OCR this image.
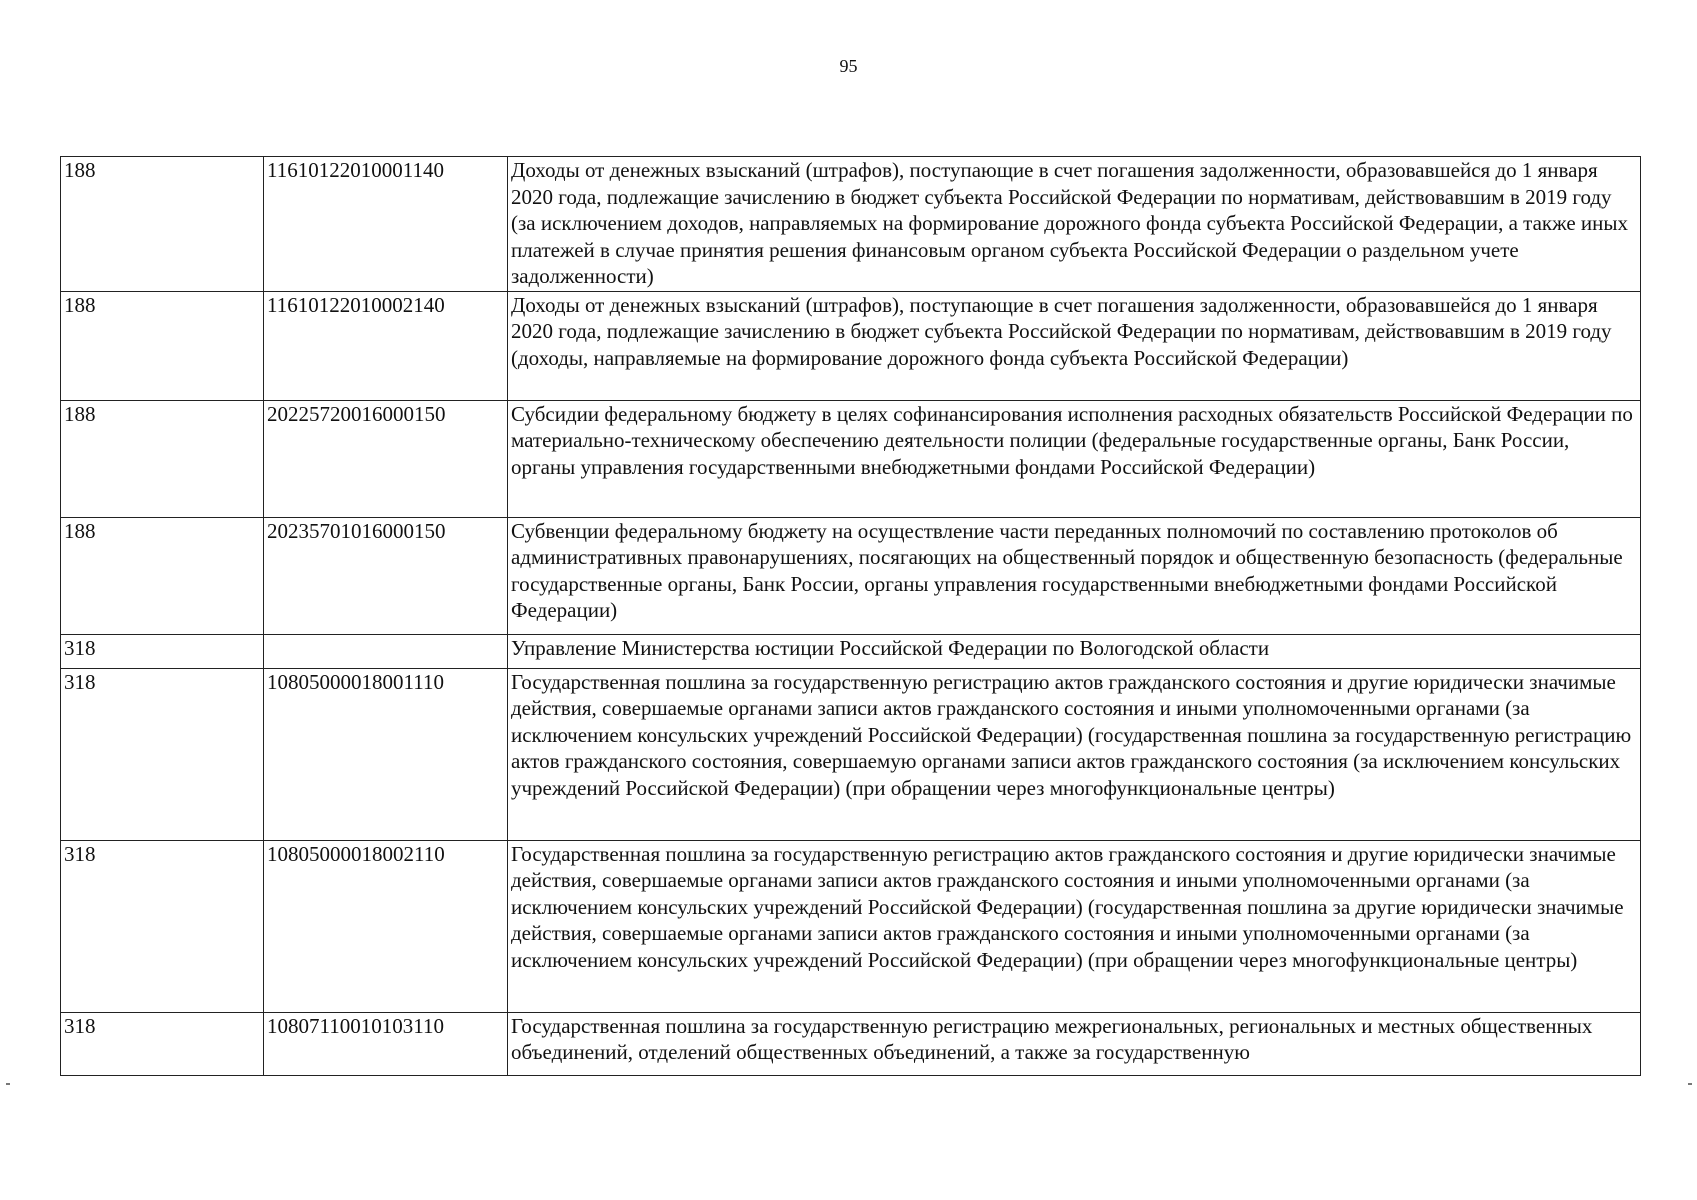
95
188	11610122010001140	Доходы от денежных взысканий (штрафов), поступающие в счет погашения задолженности, образовавшейся до 1 января 2020 года, подлежащие зачислению в бюджет субъекта Российской Федерации по нормативам, действовавшим в 2019 году (за исключением доходов, направляемых на формирование дорожного фонда субъекта Российской Федерации, а также иных платежей в случае принятия решения финансовым органом субъекта Российской Федерации о раздельном учете задолженности)
188	11610122010002140	Доходы от денежных взысканий (штрафов), поступающие в счет погашения задолженности, образовавшейся до 1 января 2020 года, подлежащие зачислению в бюджет субъекта Российской Федерации по нормативам, действовавшим в 2019 году (доходы, направляемые на формирование дорожного фонда субъекта Российской Федерации)
188	20225720016000150	Субсидии федеральному бюджету в целях софинансирования исполнения расходных обязательств Российской Федерации по материально-техническому обеспечению деятельности полиции (федеральные государственные органы, Банк России, органы управления государственными внебюджетными фондами Российской Федерации)
188	20235701016000150	Субвенции федеральному бюджету на осуществление части переданных полномочий по составлению протоколов об административных правонарушениях, посягающих на общественный порядок и общественную безопасность (федеральные государственные органы, Банк России, органы управления государственными внебюджетными фондами Российской Федерации)
318		Управление Министерства юстиции Российской Федерации по Вологодской области
318	10805000018001110	Государственная пошлина за государственную регистрацию актов гражданского состояния и другие юридически значимые действия, совершаемые органами записи актов гражданского состояния и иными уполномоченными органами (за исключением консульских учреждений Российской Федерации) (государственная пошлина за государственную регистрацию актов гражданского состояния, совершаемую органами записи актов гражданского состояния (за исключением консульских учреждений Российской Федерации) (при обращении через многофункциональные центры)
318	10805000018002110	Государственная пошлина за государственную регистрацию актов гражданского состояния и другие юридически значимые действия, совершаемые органами записи актов гражданского состояния и иными уполномоченными органами (за исключением консульских учреждений Российской Федерации) (государственная пошлина за другие юридически значимые действия, совершаемые органами записи актов гражданского состояния и иными уполномоченными органами (за исключением консульских учреждений Российской Федерации) (при обращении через многофункциональные центры)
318	10807110010103110	Государственная пошлина за государственную регистрацию межрегиональных, региональных и местных общественных объединений, отделений общественных объединений, а также за государственную
